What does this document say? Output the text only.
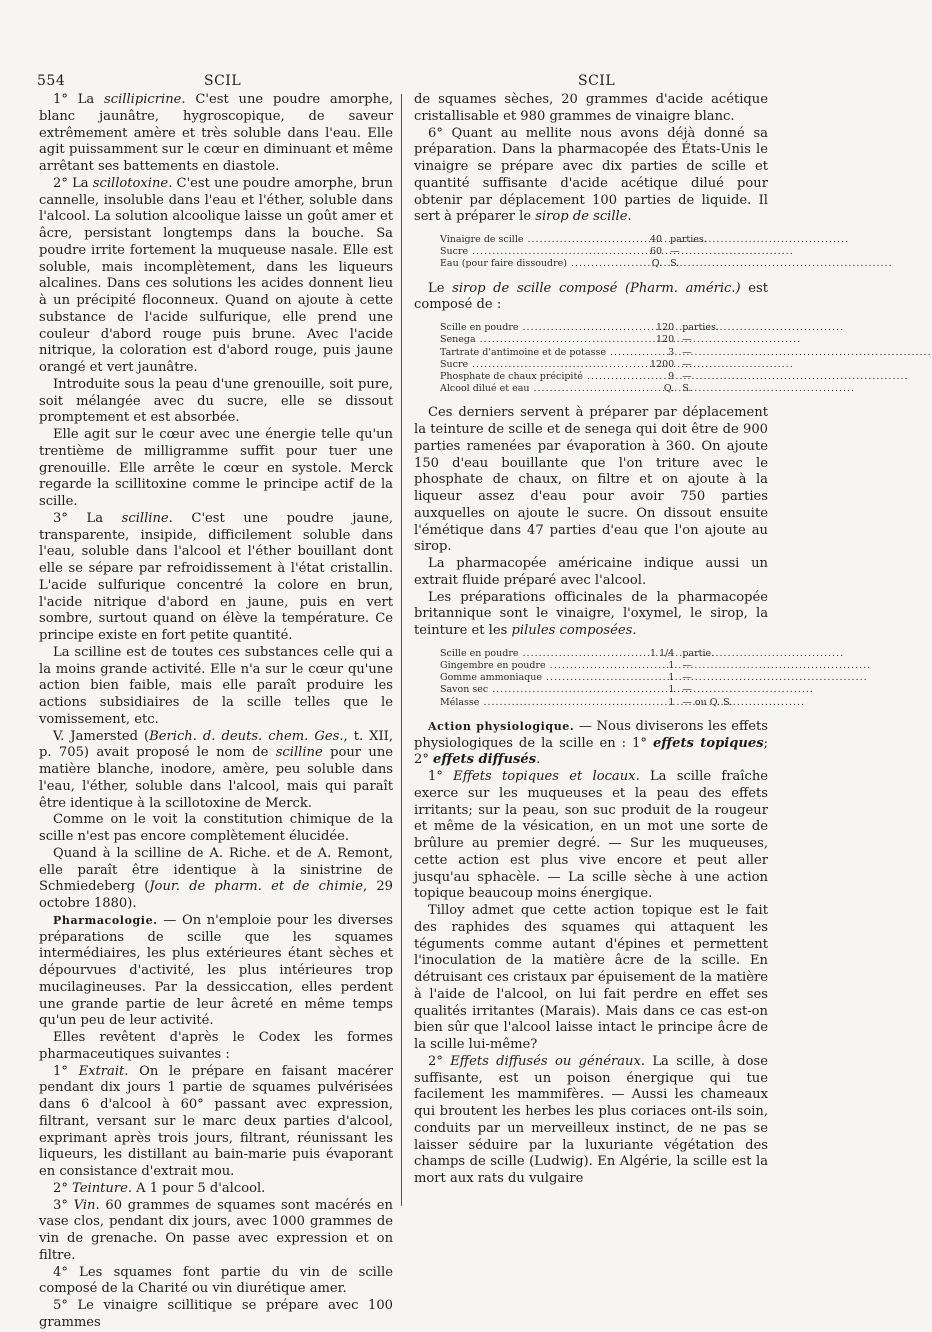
554	SCIL	SCIL

1° La scillipicrine. C'est une poudre amorphe, blanc jaunâtre, hygroscopique, de saveur extrêmement amère et très soluble dans l'eau. Elle agit puissamment sur le cœur en diminuant et même arrêtant ses battements en diastole.

2° La scillotoxine. C'est une poudre amorphe, brun cannelle, insoluble dans l'eau et l'éther, soluble dans l'alcool. La solution alcoolique laisse un goût amer et âcre, persistant longtemps dans la bouche. Sa poudre irrite fortement la muqueuse nasale. Elle est soluble, mais incomplètement, dans les liqueurs alcalines. Dans ces solutions les acides donnent lieu à un précipité floconneux. Quand on ajoute à cette substance de l'acide sulfurique, elle prend une couleur d'abord rouge puis brune. Avec l'acide nitrique, la coloration est d'abord rouge, puis jaune orangé et vert jaunâtre.

Introduite sous la peau d'une grenouille, soit pure, soit mélangée avec du sucre, elle se dissout promptement et est absorbée.

Elle agit sur le cœur avec une énergie telle qu'un trentième de milligramme suffit pour tuer une grenouille. Elle arrête le cœur en systole. Merck regarde la scillitoxine comme le principe actif de la scille.

3° La scilline. C'est une poudre jaune, transparente, insipide, difficilement soluble dans l'eau, soluble dans l'alcool et l'éther bouillant dont elle se sépare par refroidissement à l'état cristallin. L'acide sulfurique concentré la colore en brun, l'acide nitrique d'abord en jaune, puis en vert sombre, surtout quand on élève la température. Ce principe existe en fort petite quantité.

La scilline est de toutes ces substances celle qui a la moins grande activité. Elle n'a sur le cœur qu'une action bien faible, mais elle paraît produire les actions subsidiaires de la scille telles que le vomissement, etc.

V. Jamersted (Berich. d. deuts. chem. Ges., t. XII, p. 705) avait proposé le nom de scilline pour une matière blanche, inodore, amère, peu soluble dans l'eau, l'éther, soluble dans l'alcool, mais qui paraît être identique à la scillotoxine de Merck.

Comme on le voit la constitution chimique de la scille n'est pas encore complètement élucidée.

Quand à la scilline de A. Riche. et de A. Remont, elle paraît être identique à la sinistrine de Schmiedeberg (Jour. de pharm. et de chimie, 29 octobre 1880).

Pharmacologie. — On n'emploie pour les diverses préparations de scille que les squames intermédiaires, les plus extérieures étant sèches et dépourvues d'activité, les plus intérieures trop mucilagineuses. Par la dessiccation, elles perdent une grande partie de leur âcreté en même temps qu'un peu de leur activité.

Elles revêtent d'après le Codex les formes pharmaceutiques suivantes :

1° Extrait. On le prépare en faisant macérer pendant dix jours 1 partie de squames pulvérisées dans 6 d'alcool à 60° passant avec expression, filtrant, versant sur le marc deux parties d'alcool, exprimant après trois jours, filtrant, réunissant les liqueurs, les distillant au bain-marie puis évaporant en consistance d'extrait mou.

2° Teinture. A 1 pour 5 d'alcool.

3° Vin. 60 grammes de squames sont macérés en vase clos, pendant dix jours, avec 1000 grammes de vin de grenache. On passe avec expression et on filtre.

4° Les squames font partie du vin de scille composé de la Charité ou vin diurétique amer.

5° Le vinaigre scillitique se prépare avec 100 grammes

de squames sèches, 20 grammes d'acide acétique cristallisable et 980 grammes de vinaigre blanc.

6° Quant au mellite nous avons déjà donné sa préparation. Dans la pharmacopée des États-Unis le vinaigre se prépare avec dix parties de scille et quantité suffisante d'acide acétique dilué pour obtenir par déplacement 100 parties de liquide. Il sert à préparer le sirop de scille.

Vinaigre de scille .....	40	parties.
Sucre .....	60	—
Eau (pour faire dissoudre) .....	Q.	S.

Le sirop de scille composé (Pharm. améric.) est composé de :

Scille en poudre .....	120	parties.
Senega .....	120	—
Tartrate d'antimoine et de potasse .....	3	—
Sucre .....	1200	—
Phosphate de chaux précipité .....	9	—
Alcool dilué et eau .....	Q.	S.

Ces derniers servent à préparer par déplacement la teinture de scille et de senega qui doit être de 900 parties ramenées par évaporation à 360. On ajoute 150 d'eau bouillante que l'on triture avec le phosphate de chaux, on filtre et on ajoute à la liqueur assez d'eau pour avoir 750 parties auxquelles on ajoute le sucre. On dissout ensuite l'émétique dans 47 parties d'eau que l'on ajoute au sirop.

La pharmacopée américaine indique aussi un extrait fluide préparé avec l'alcool.

Les préparations officinales de la pharmacopée britannique sont le vinaigre, l'oxymel, le sirop, la teinture et les pilules composées.

Scille en poudre .....	1 1/4	partie.
Gingembre en poudre .....	1	—
Gomme ammoniaque .....	1	—
Savon sec .....	1	—
Mélasse .....	1	— ou Q. S.

Action physiologique. — Nous diviserons les effets physiologiques de la scille en : 1° effets topiques; 2° effets diffusés.

1° Effets topiques et locaux. La scille fraîche exerce sur les muqueuses et la peau des effets irritants; sur la peau, son suc produit de la rougeur et même de la vésication, en un mot une sorte de brûlure au premier degré. — Sur les muqueuses, cette action est plus vive encore et peut aller jusqu'au sphacèle. — La scille sèche à une action topique beaucoup moins énergique.

Tilloy admet que cette action topique est le fait des raphides des squames qui attaquent les téguments comme autant d'épines et permettent l'inoculation de la matière âcre de la scille. En détruisant ces cristaux par épuisement de la matière à l'aide de l'alcool, on lui fait perdre en effet ses qualités irritantes (Marais). Mais dans ce cas est-on bien sûr que l'alcool laisse intact le principe âcre de la scille lui-même?

2° Effets diffusés ou généraux. La scille, à dose suffisante, est un poison énergique qui tue facilement les mammifères. — Aussi les chameaux qui broutent les herbes les plus coriaces ont-ils soin, conduits par un merveilleux instinct, de ne pas se laisser séduire par la luxuriante végétation des champs de scille (Ludwig). En Algérie, la scille est la mort aux rats du vulgaire
